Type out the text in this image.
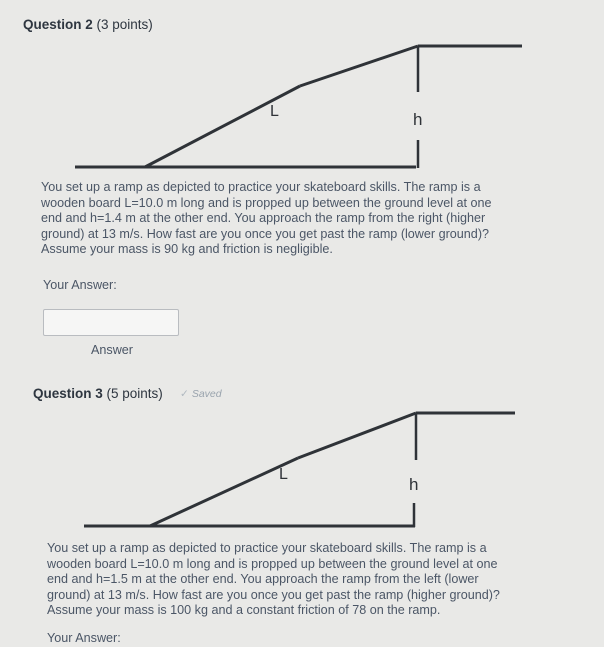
Question 2 (3 points)
L	h
You set up a ramp as depicted to practice your skateboard skills. The ramp is a
wooden board L=10.0 m long and is propped up between the ground level at one
end and h=1.4 m at the other end. You approach the ramp from the right (higher
ground) at 13 m/s. How fast are you once you get past the ramp (lower ground)?
Assume your mass is 90 kg and friction is negligible.
Your Answer:
Answer
Question 3 (5 points) ✓ Saved
L
h
You set up a ramp as depicted to practice your skateboard skills. The ramp is a
wooden board L=10.0 m long and is propped up between the ground level at one
end and h=1.5 m at the other end. You approach the ramp from the left (lower
ground) at 13 m/s. How fast are you once you get past the ramp (higher ground)?
Assume your mass is 100 kg and a constant friction of 78 on the ramp.
Your Answer:
